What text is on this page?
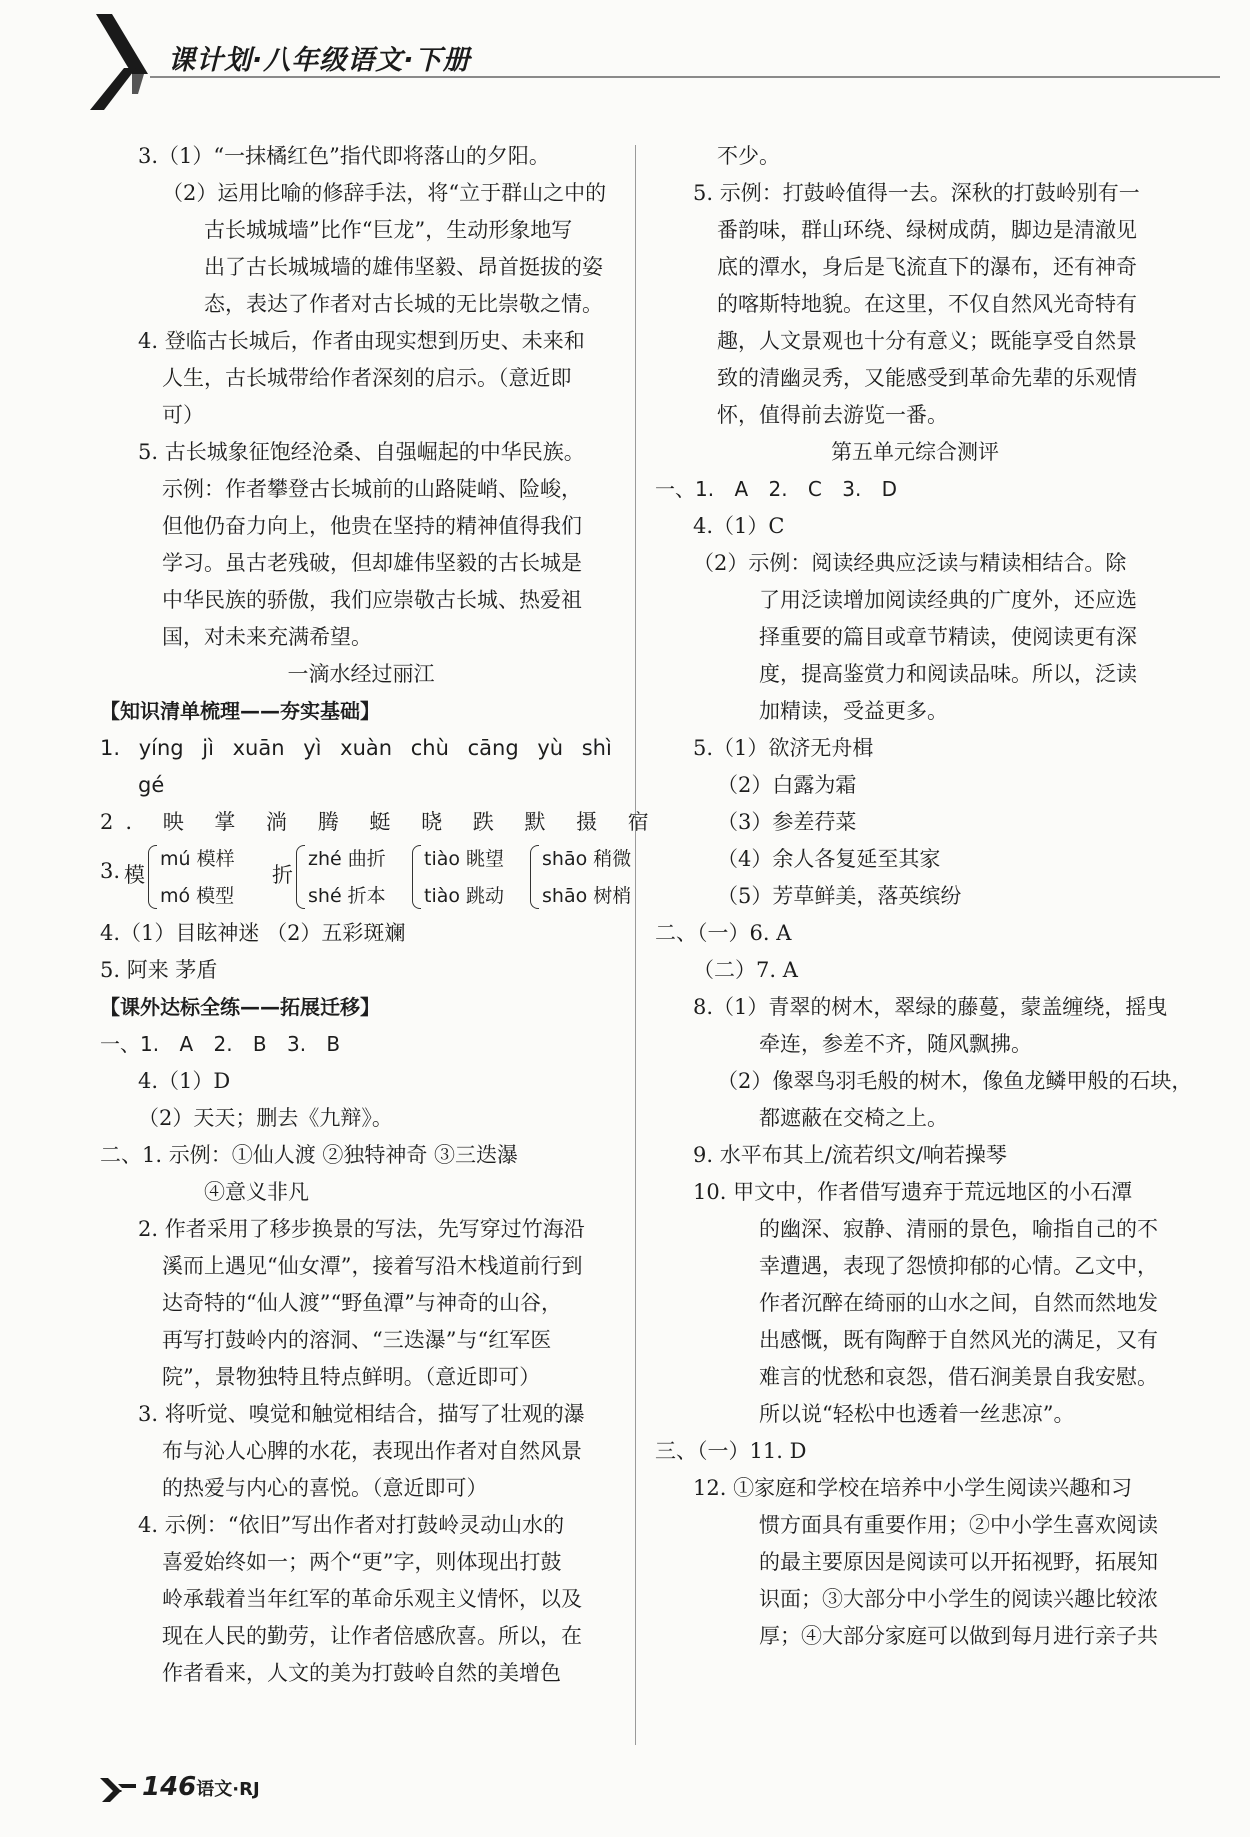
课计划·八年级语文·下册
3.（1）“一抹橘红色”指代即将落山的夕阳。
（2）运用比喻的修辞手法，将“立于群山之中的
古长城城墙”比作“巨龙”，生动形象地写
出了古长城城墙的雄伟坚毅、昂首挺拔的姿
态，表达了作者对古长城的无比崇敬之情。
4. 登临古长城后，作者由现实想到历史、未来和
人生，古长城带给作者深刻的启示。（意近即
可）
5. 古长城象征饱经沧桑、自强崛起的中华民族。
示例：作者攀登古长城前的山路陡峭、险峻，
但他仍奋力向上，他贵在坚持的精神值得我们
学习。虽古老残破，但却雄伟坚毅的古长城是
中华民族的骄傲，我们应崇敬古长城、热爱祖
国，对未来充满希望。
一滴水经过丽江
【知识清单梳理——夯实基础】
1. yíng jì xuān yì xuàn chù cāng yù shì
gé
2. 映 掌 淌 腾 蜓 晓 跌 默 摄 宿
3. 模
mú 模样
mó 模型
折
zhé 曲折
shé 折本
tiào 眺望
tiào 跳动
shāo 稍微
shāo 树梢
4.（1）目眩神迷 （2）五彩斑斓
5. 阿来 茅盾
【课外达标全练——拓展迁移】
一、1. A 2. B 3. B
4.（1）D
（2）天天；删去《九辩》。
二、1. 示例：①仙人渡 ②独特神奇 ③三迭瀑
④意义非凡
2. 作者采用了移步换景的写法，先写穿过竹海沿
溪而上遇见“仙女潭”，接着写沿木栈道前行到
达奇特的“仙人渡”“野鱼潭”与神奇的山谷，
再写打鼓岭内的溶洞、“三迭瀑”与“红军医
院”，景物独特且特点鲜明。（意近即可）
3. 将听觉、嗅觉和触觉相结合，描写了壮观的瀑
布与沁人心脾的水花，表现出作者对自然风景
的热爱与内心的喜悦。（意近即可）
4. 示例：“依旧”写出作者对打鼓岭灵动山水的
喜爱始终如一；两个“更”字，则体现出打鼓
岭承载着当年红军的革命乐观主义情怀，以及
现在人民的勤劳，让作者倍感欣喜。所以，在
作者看来，人文的美为打鼓岭自然的美增色
不少。
5. 示例：打鼓岭值得一去。深秋的打鼓岭别有一
番韵味，群山环绕、绿树成荫，脚边是清澈见
底的潭水，身后是飞流直下的瀑布，还有神奇
的喀斯特地貌。在这里，不仅自然风光奇特有
趣，人文景观也十分有意义；既能享受自然景
致的清幽灵秀，又能感受到革命先辈的乐观情
怀，值得前去游览一番。
第五单元综合测评
一、1. A 2. C 3. D
4.（1）C
（2）示例：阅读经典应泛读与精读相结合。除
了用泛读增加阅读经典的广度外，还应选
择重要的篇目或章节精读，使阅读更有深
度，提高鉴赏力和阅读品味。所以，泛读
加精读，受益更多。
5.（1）欲济无舟楫
（2）白露为霜
（3）参差荇菜
（4）余人各复延至其家
（5）芳草鲜美，落英缤纷
二、（一）6. A
（二）7. A
8.（1）青翠的树木，翠绿的藤蔓，蒙盖缠绕，摇曳
牵连，参差不齐，随风飘拂。
（2）像翠鸟羽毛般的树木，像鱼龙鳞甲般的石块，
都遮蔽在交椅之上。
9. 水平布其上/流若织文/响若操琴
10. 甲文中，作者借写遗弃于荒远地区的小石潭
的幽深、寂静、清丽的景色，喻指自己的不
幸遭遇，表现了怨愤抑郁的心情。乙文中，
作者沉醉在绮丽的山水之间，自然而然地发
出感慨，既有陶醉于自然风光的满足，又有
难言的忧愁和哀怨，借石涧美景自我安慰。
所以说“轻松中也透着一丝悲凉”。
三、（一）11. D
12. ①家庭和学校在培养中小学生阅读兴趣和习
惯方面具有重要作用；②中小学生喜欢阅读
的最主要原因是阅读可以开拓视野，拓展知
识面；③大部分中小学生的阅读兴趣比较浓
厚；④大部分家庭可以做到每月进行亲子共
146语文·RJ
